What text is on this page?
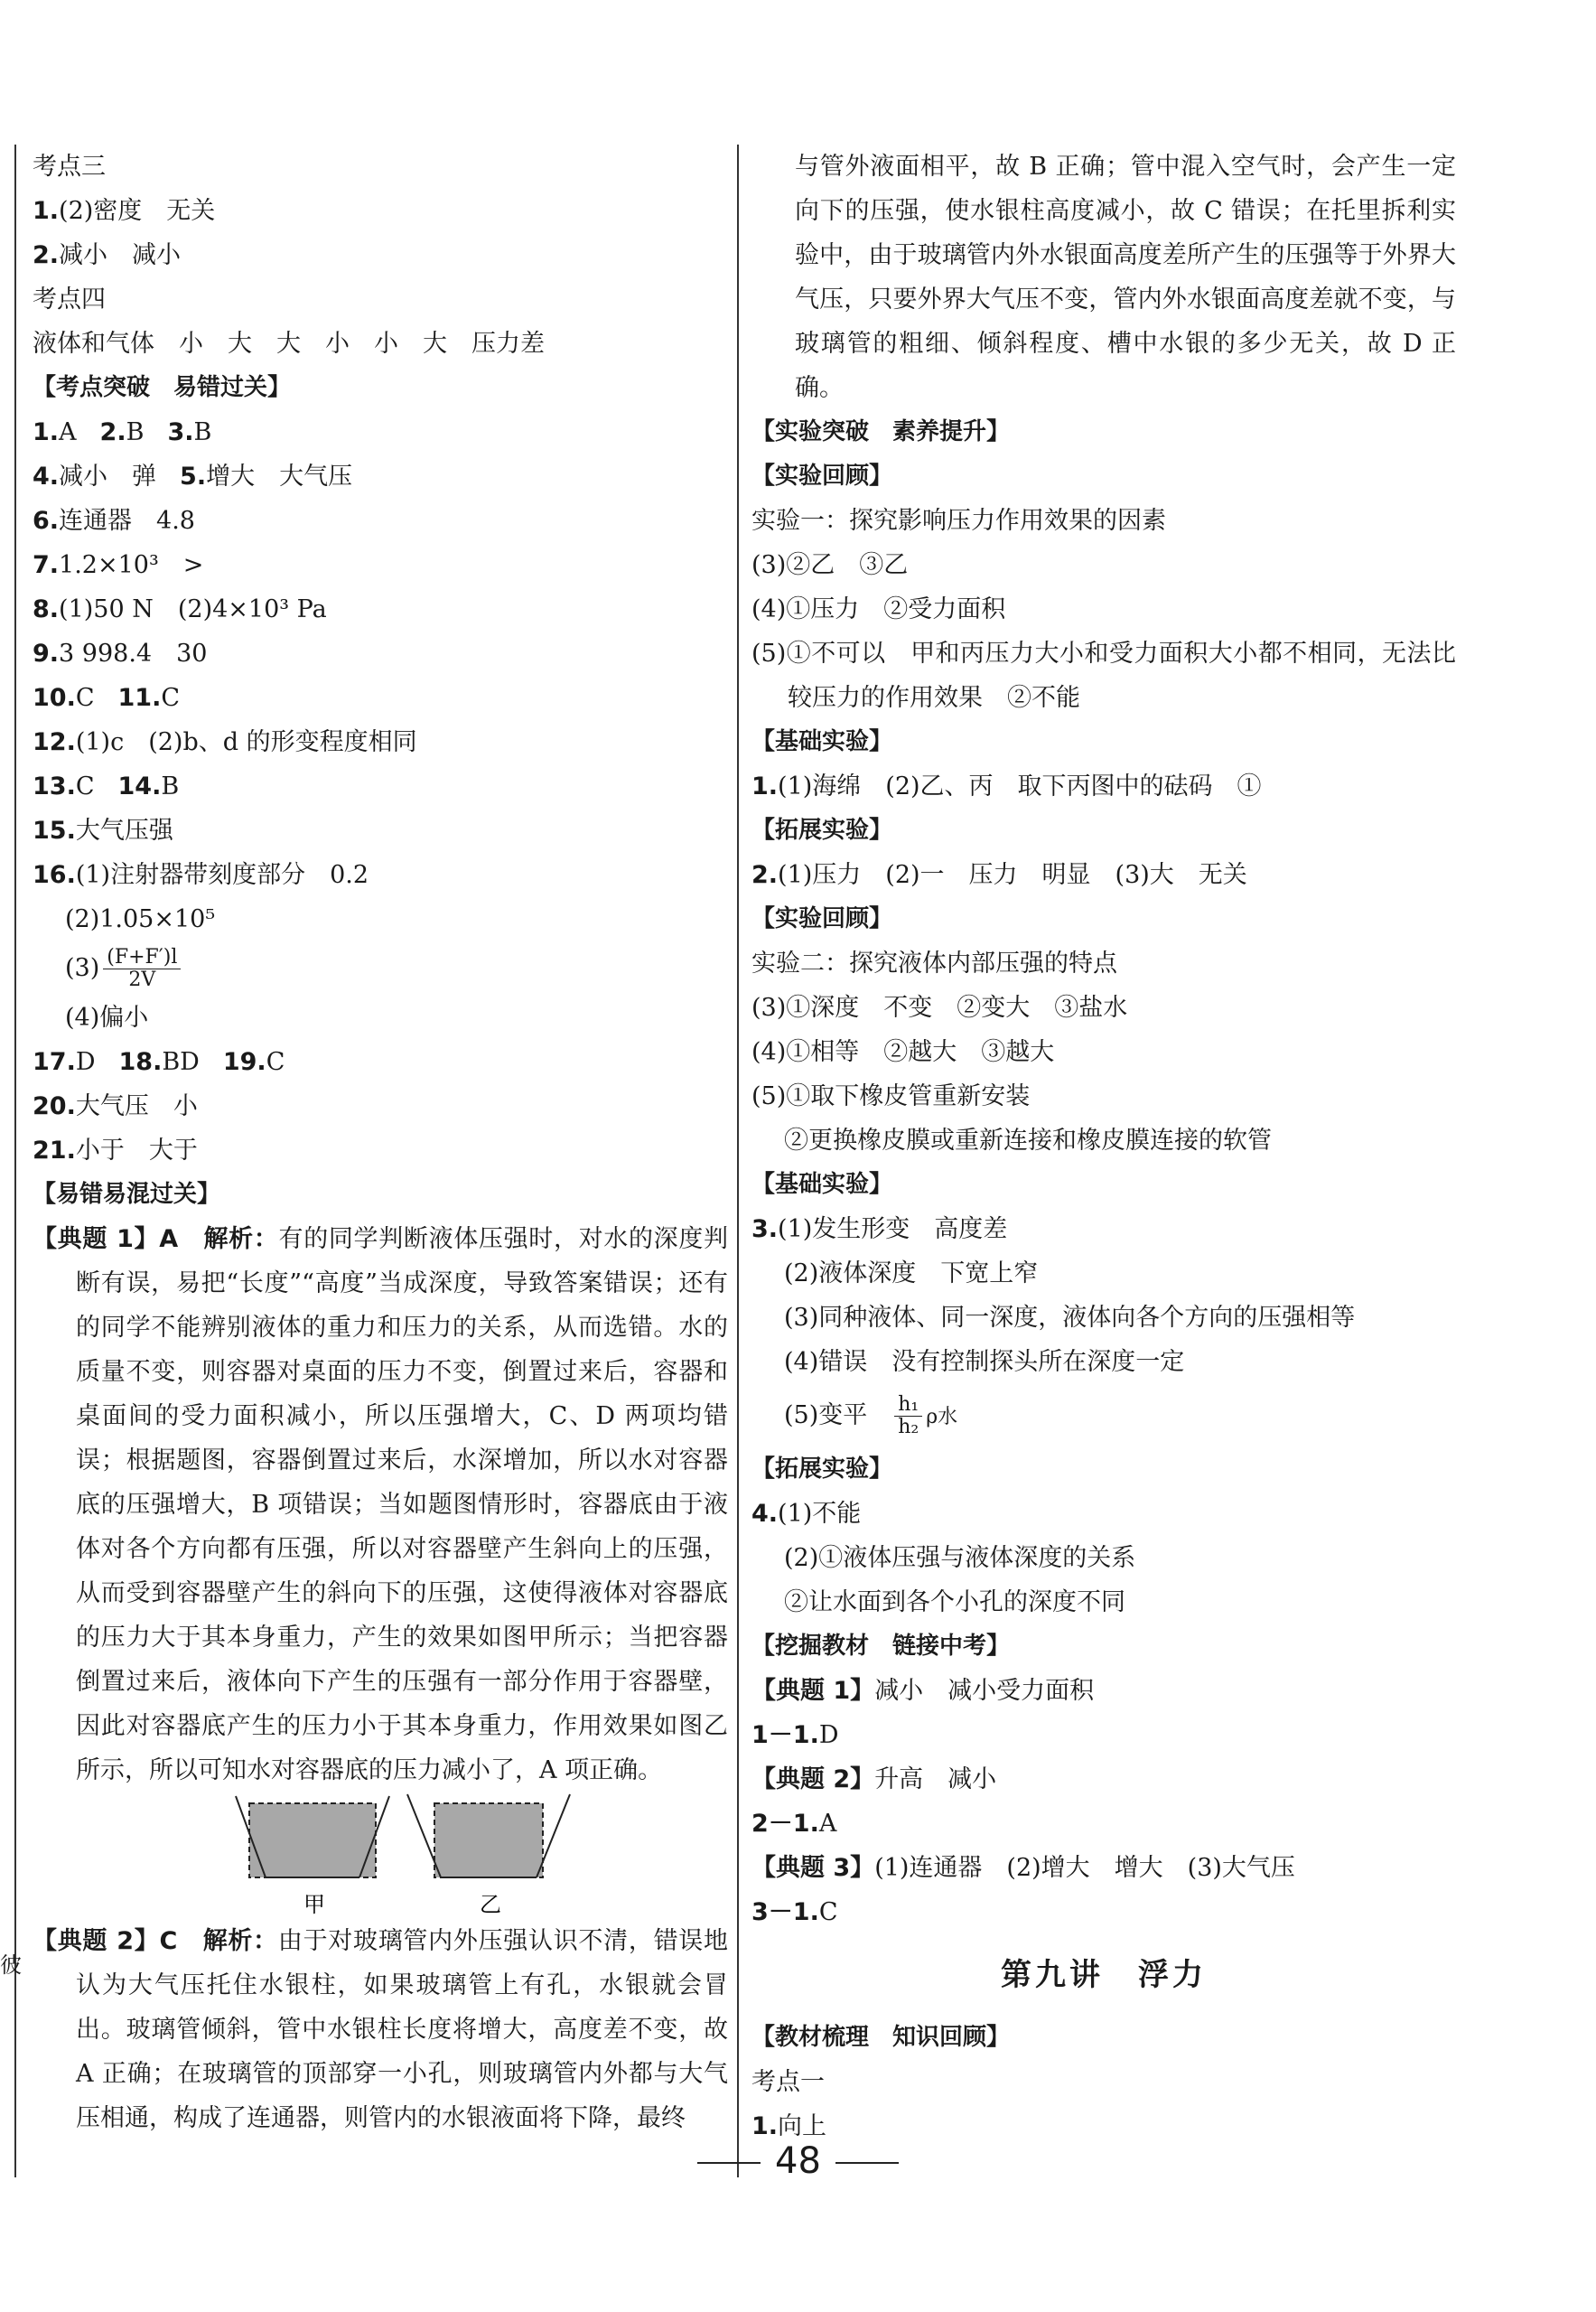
彼
考点三
1.(2)密度　无关
2.减小　减小
考点四
液体和气体　小　大　大　小　小　大　压力差
【考点突破　易错过关】
1.A 2.B 3.B
4.减小　弹 5.增大　大气压
6.连通器　4.8
7.1.2×10³　>
8.(1)50 N　(2)4×10³ Pa
9.3 998.4　30
10.C 11.C
12.(1)c　(2)b、d 的形变程度相同
13.C 14.B
15.大气压强
16.(1)注射器带刻度部分　0.2
(2)1.05×10⁵
$(3) \frac{(F+F')l}{2V}$
(4)偏小
17.D 18.BD 19.C
20.大气压　小
21.小于　大于
【易错易混过关】
【典题 1】A　解析：有的同学判断液体压强时，对水的深度判断有误，易把“长度”“高度”当成深度，导致答案错误；还有的同学不能辨别液体的重力和压力的关系，从而选错。水的质量不变，则容器对桌面的压力不变，倒置过来后，容器和桌面间的受力面积减小，所以压强增大，C、D 两项均错误；根据题图，容器倒置过来后，水深增加，所以水对容器底的压强增大，B 项错误；当如题图情形时，容器底由于液体对各个方向都有压强，所以对容器壁产生斜向上的压强，从而受到容器壁产生的斜向下的压强，这使得液体对容器底的压力大于其本身重力，产生的效果如图甲所示；当把容器倒置过来后，液体向下产生的压强有一部分作用于容器壁，因此对容器底产生的压力小于其本身重力，作用效果如图乙所示，所以可知水对容器底的压力减小了，A 项正确。
甲	乙
【典题 2】C　解析：由于对玻璃管内外压强认识不清，错误地认为大气压托住水银柱，如果玻璃管上有孔，水银就会冒出。玻璃管倾斜，管中水银柱长度将增大，高度差不变，故 A 正确；在玻璃管的顶部穿一小孔，则玻璃管内外都与大气压相通，构成了连通器，则管内的水银液面将下降，最终
与管外液面相平，故 B 正确；管中混入空气时，会产生一定向下的压强，使水银柱高度减小，故 C 错误；在托里拆利实验中，由于玻璃管内外水银面高度差所产生的压强等于外界大气压，只要外界大气压不变，管内外水银面高度差就不变，与玻璃管的粗细、倾斜程度、槽中水银的多少无关，故 D 正确。
【实验突破　素养提升】
【实验回顾】
实验一：探究影响压力作用效果的因素
(3)②乙　③乙
(4)①压力　②受力面积
(5)①不可以　甲和丙压力大小和受力面积大小都不相同，无法比较压力的作用效果　②不能
【基础实验】
1.(1)海绵　(2)乙、丙　取下丙图中的砝码　①
【拓展实验】
2.(1)压力　(2)一　压力　明显　(3)大　无关
【实验回顾】
实验二：探究液体内部压强的特点
(3)①深度　不变　②变大　③盐水
(4)①相等　②越大　③越大
(5)①取下橡皮管重新安装
②更换橡皮膜或重新连接和橡皮膜连接的软管
【基础实验】
3.(1)发生形变　高度差
(2)液体深度　下宽上窄
(3)同种液体、同一深度，液体向各个方向的压强相等
(4)错误　没有控制探头所在深度一定
(5)变平 $\frac{\text{h₁}}{\text{h₂}}$ ρ水
【拓展实验】
4.(1)不能
(2)①液体压强与液体深度的关系
②让水面到各个小孔的深度不同
【挖掘教材　链接中考】
【典题 1】减小　减小受力面积
1－1.D
【典题 2】升高　减小
2－1.A
【典题 3】(1)连通器　(2)增大　增大　(3)大气压
3－1.C
第九讲　浮力
【教材梳理　知识回顾】
考点一
1.向上
48
